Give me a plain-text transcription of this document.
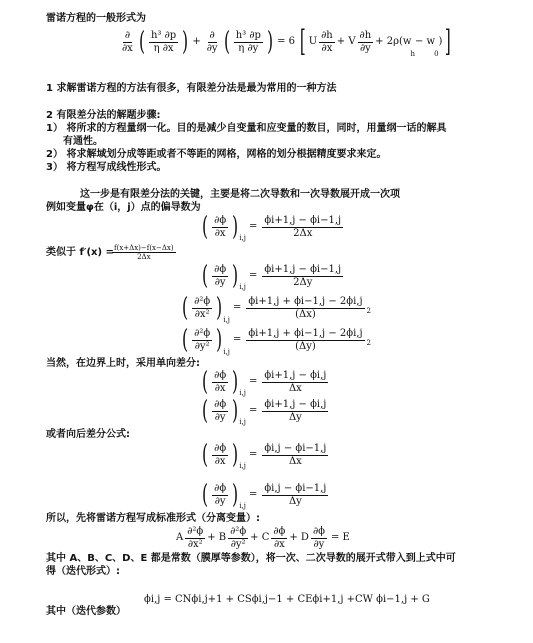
雷诺方程的一般形式为
$\frac{\partial}{\partial x}$ ( $\frac{\text{h³ ∂p}}{\eta \partial x}$ ) + $\frac{\partial}{\partial y}$ ( $\frac{\text{h³ ∂p}}{\eta \partial y}$ ) = 6 [ U $\frac{\partial h}{\partial x} + V \frac{\partial h}{\partial y} + 2\rho(w$
h
− w
0
) ]
1 求解雷诺方程的方法有很多，有限差分法是最为常用的一种方法
2 有限差分法的解题步骤:
1） 将所求的方程量纲一化。目的是减少自变量和应变量的数目，同时，用量纲一话的解具
有通性。
2） 将求解域划分成等距或者不等距的网格，网格的划分根据精度要求来定。
3） 将方程写成线性形式。
这一步是有限差分法的关键，主要是将二次导数和一次导数展开成一次项
例如变量φ在（i，j）点的偏导数为
( $\frac{\partial\phi}{\partial x}$ ) i,j
= $\frac{\phi i+1,j - \phi i-1,j}{2\Delta x}$
类似于 f′(x) =
$\frac{f(x+\Delta x)-f(x-\Delta x)}{2\Delta x}$
( $\frac{\partial\phi}{\partial y}$ ) i,j
= $\frac{\phi i+1,j - \phi i-1,j}{2\Delta y}$
( $\frac{\text{∂²ϕ}}{\text{∂x²}}$ ) i,j
= $\frac{\phi i+1,j + \phi i-1,j - 2\phi i,j}{(\Delta x)} 2$
( $\frac{\text{∂²ϕ}}{\text{∂y²}}$ ) i,j
= $\frac{\phi i+1,j + \phi i-1,j - 2\phi i,j}{(\Delta y)} 2$
当然，在边界上时，采用单向差分:
( $\frac{\partial\phi}{\partial x}$ ) i,j
= $\frac{\phi i+1,j - \phi i,j}{\Delta x}$
( $\frac{\partial\phi}{\partial y}$ ) i,j
= $\frac{\phi i+1,j - \phi i,j}{\Delta y}$
或者向后差分公式:
( $\frac{\partial\phi}{\partial x}$ ) i,j
= $\frac{\phi i,j - \phi i-1,j}{\Delta x}$
( $\frac{\partial\phi}{\partial y}$ ) i,j
= $\frac{\phi i,j - \phi i-1,j}{\Delta y}$
所以，先将雷诺方程写成标准形式（分离变量）:
A $\frac{\text{∂²ϕ}}{\text{∂x²}} + B \frac{\text{∂²ϕ}}{\text{∂y²}} + C \frac{\partial\phi}{\partial x} + D \frac{\partial\phi}{\partial y} = E$
其中 A、B、C、D、E 都是常数（膜厚等参数），将一次、二次导数的展开式带入到上式中可
得（迭代形式）:
ϕi,j = CNϕi,j+1 + CSϕi,j−1 + CEϕi+1,j +CW ϕi−1,j + G
其中（迭代参数）
